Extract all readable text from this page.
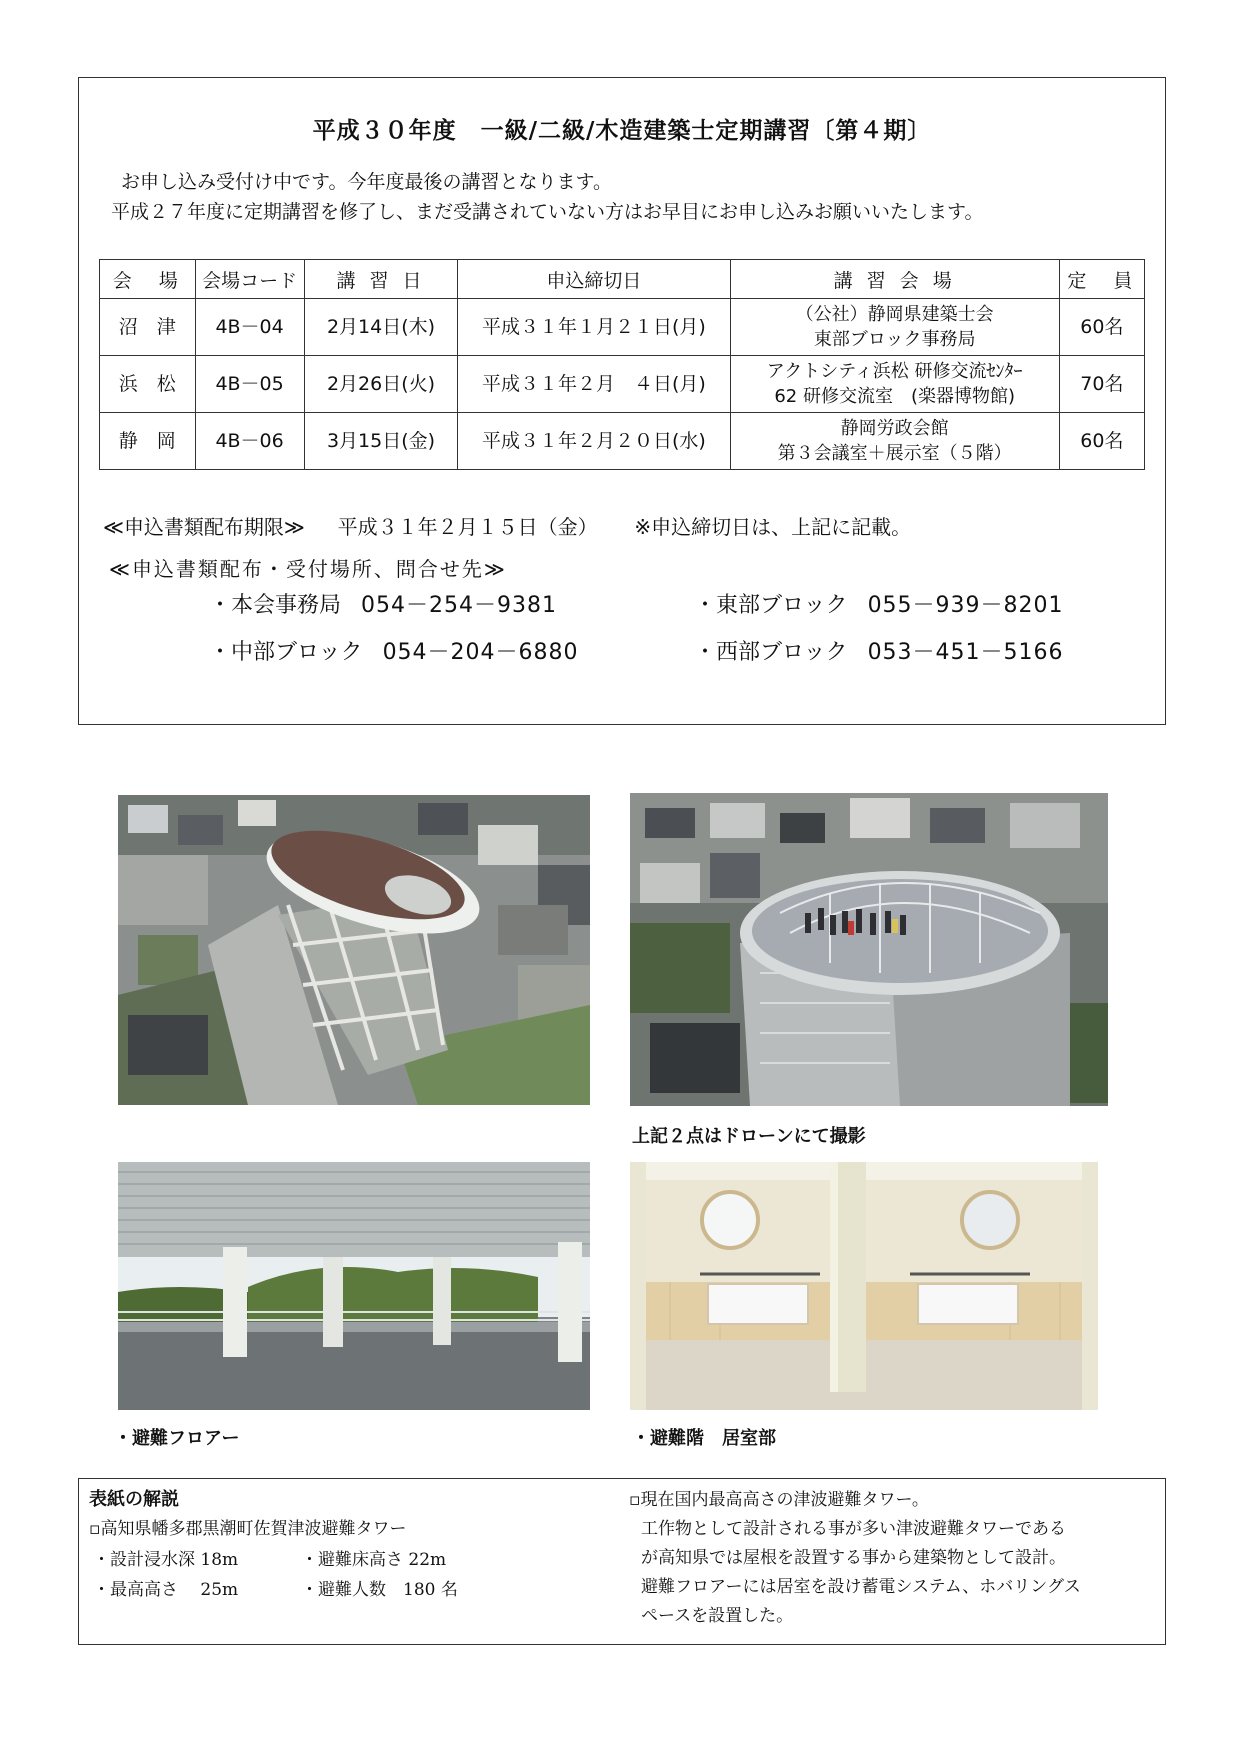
平成３０年度　一級/二級/木造建築士定期講習〔第４期〕
お申し込み受付け中です。今年度最後の講習となります。
平成２７年度に定期講習を修了し、まだ受講されていない方はお早目にお申し込みお願いいたします。
会　場	会場コード	講 習 日	申込締切日	講 習 会 場	定　員
沼　津	4B－04	2月14日(木)	平成３１年１月２１日(月)	（公社）静岡県建築士会
東部ブロック事務局	60名
浜　松	4B－05	2月26日(火)	平成３１年２月　４日(月)	アクトシティ浜松 研修交流ｾﾝﾀｰ
62 研修交流室　(楽器博物館)	70名
静　岡	4B－06	3月15日(金)	平成３１年２月２０日(水)	静岡労政会館
第３会議室＋展示室（５階）	60名
≪申込書類配布期限≫ 平成３１年２月１５日（金） ※申込締切日は、上記に記載。
≪申込書類配布・受付場所、問合せ先≫
・本会事務局 054－254－9381	・東部ブロック 055－939－8201
・中部ブロック 054－204－6880	・西部ブロック 053－451－5166
上記２点はドローンにて撮影
・避難フロアー	・避難階　居室部
表紙の解説
▫高知県幡多郡黒潮町佐賀津波避難タワー
・設計浸水深 18m	・避難床高さ 22m
・最高高さ　 25m	・避難人数　180 名
▫現在国内最高高さの津波避難タワー。
工作物として設計される事が多い津波避難タワーである
が高知県では屋根を設置する事から建築物として設計。
避難フロアーには居室を設け蓄電システム、ホバリングス
ペースを設置した。
